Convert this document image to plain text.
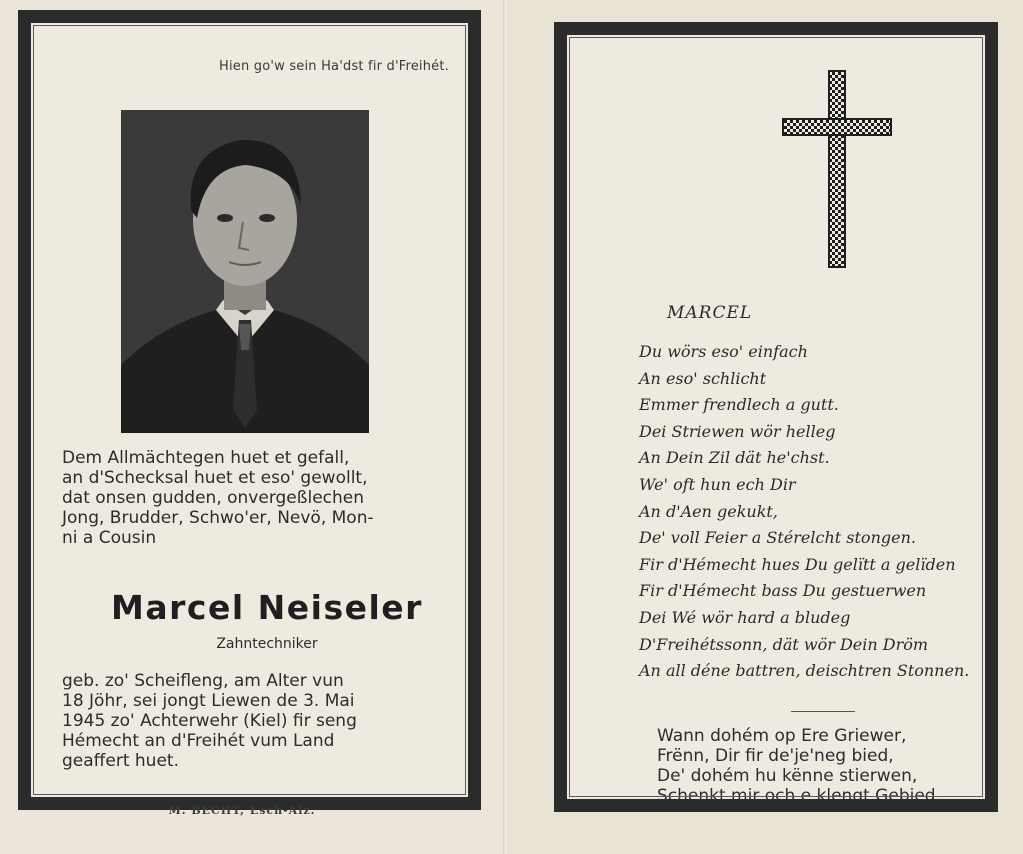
Hien go'w sein Ha'dst fir d'Freihét.
Dem Allmächtegen huet et gefall,
an d'Schecksal huet et eso' gewollt,
dat onsen gudden, onvergeßlechen
Jong, Brudder, Schwo'er, Nevö, Mon-
ni a Cousin
Marcel Neiseler
Zahntechniker
geb. zo' Scheifleng, am Alter vun
18 Jöhr, sei jongt Liewen de 3. Mai
1945 zo' Achterwehr (Kiel) fir seng
Hémecht an d'Freihét vum Land
geaffert huet.
M. BECHT, Esch-Alz.
MARCEL
Du wörs eso' einfach
An eso' schlicht
Emmer frendlech a gutt.
Dei Striewen wör helleg
An Dein Zil dät he'chst.
We' oft hun ech Dir
An d'Aen gekukt,
De' voll Feier a Stérelcht stongen.
Fir d'Hémecht hues Du gelïtt a gelïden
Fir d'Hémecht bass Du gestuerwen
Dei Wé wör hard a bludeg
D'Freihétssonn, dät wör Dein Dröm
An all déne battren, deischtren Stonnen.
Wann dohém op Ere Griewer,
Frënn, Dir fir de'je'neg bied,
De' dohém hu kënne stierwen,
Schenkt mir och e klengt Gebied.
